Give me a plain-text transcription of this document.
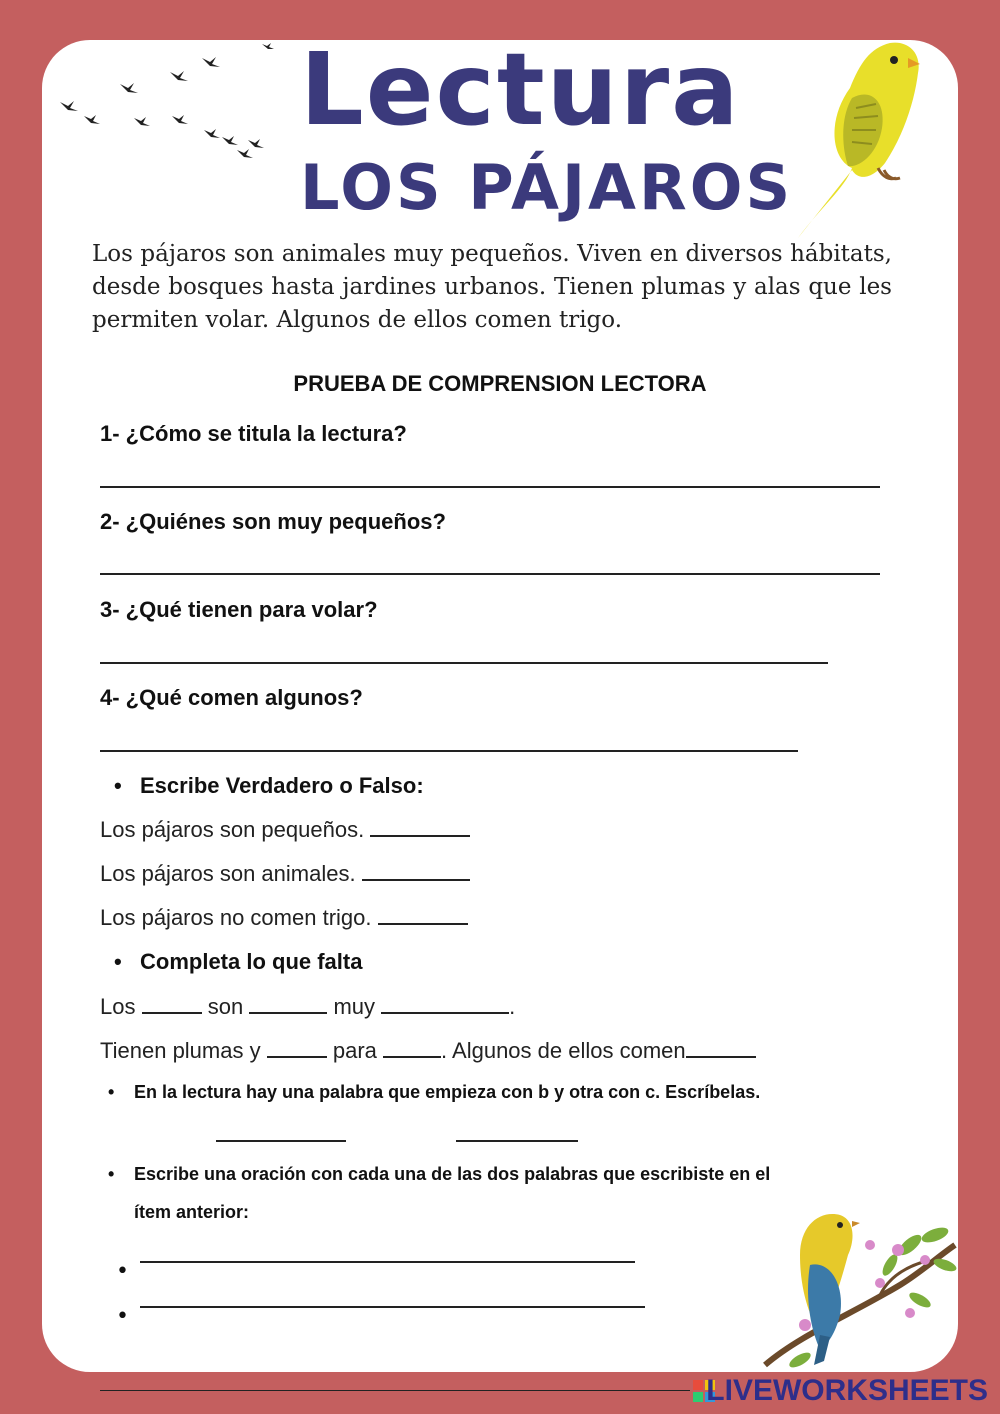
Lectura
LOS PÁJAROS
Los pájaros son animales muy pequeños. Viven en diversos hábitats, desde bosques hasta jardines urbanos. Tienen plumas y alas que les permiten volar. Algunos de ellos comen trigo.
PRUEBA DE COMPRENSION LECTORA
1- ¿Cómo se titula la lectura?
2- ¿Quiénes son muy pequeños?
3- ¿Qué tienen para volar?
4- ¿Qué comen algunos?
• Escribe Verdadero o Falso:
Los pájaros son pequeños.
Los pájaros son animales.
Los pájaros no comen trigo.
• Completa lo que falta
Los	son	muy	.
Tienen plumas y	para	. Algunos de ellos comen
• En la lectura hay una palabra que empieza con b y otra con c. Escríbelas.
• Escribe una oración con cada una de las dos palabras que escribiste en el
ítem anterior:
•
•
LIVEWORKSHEETS
